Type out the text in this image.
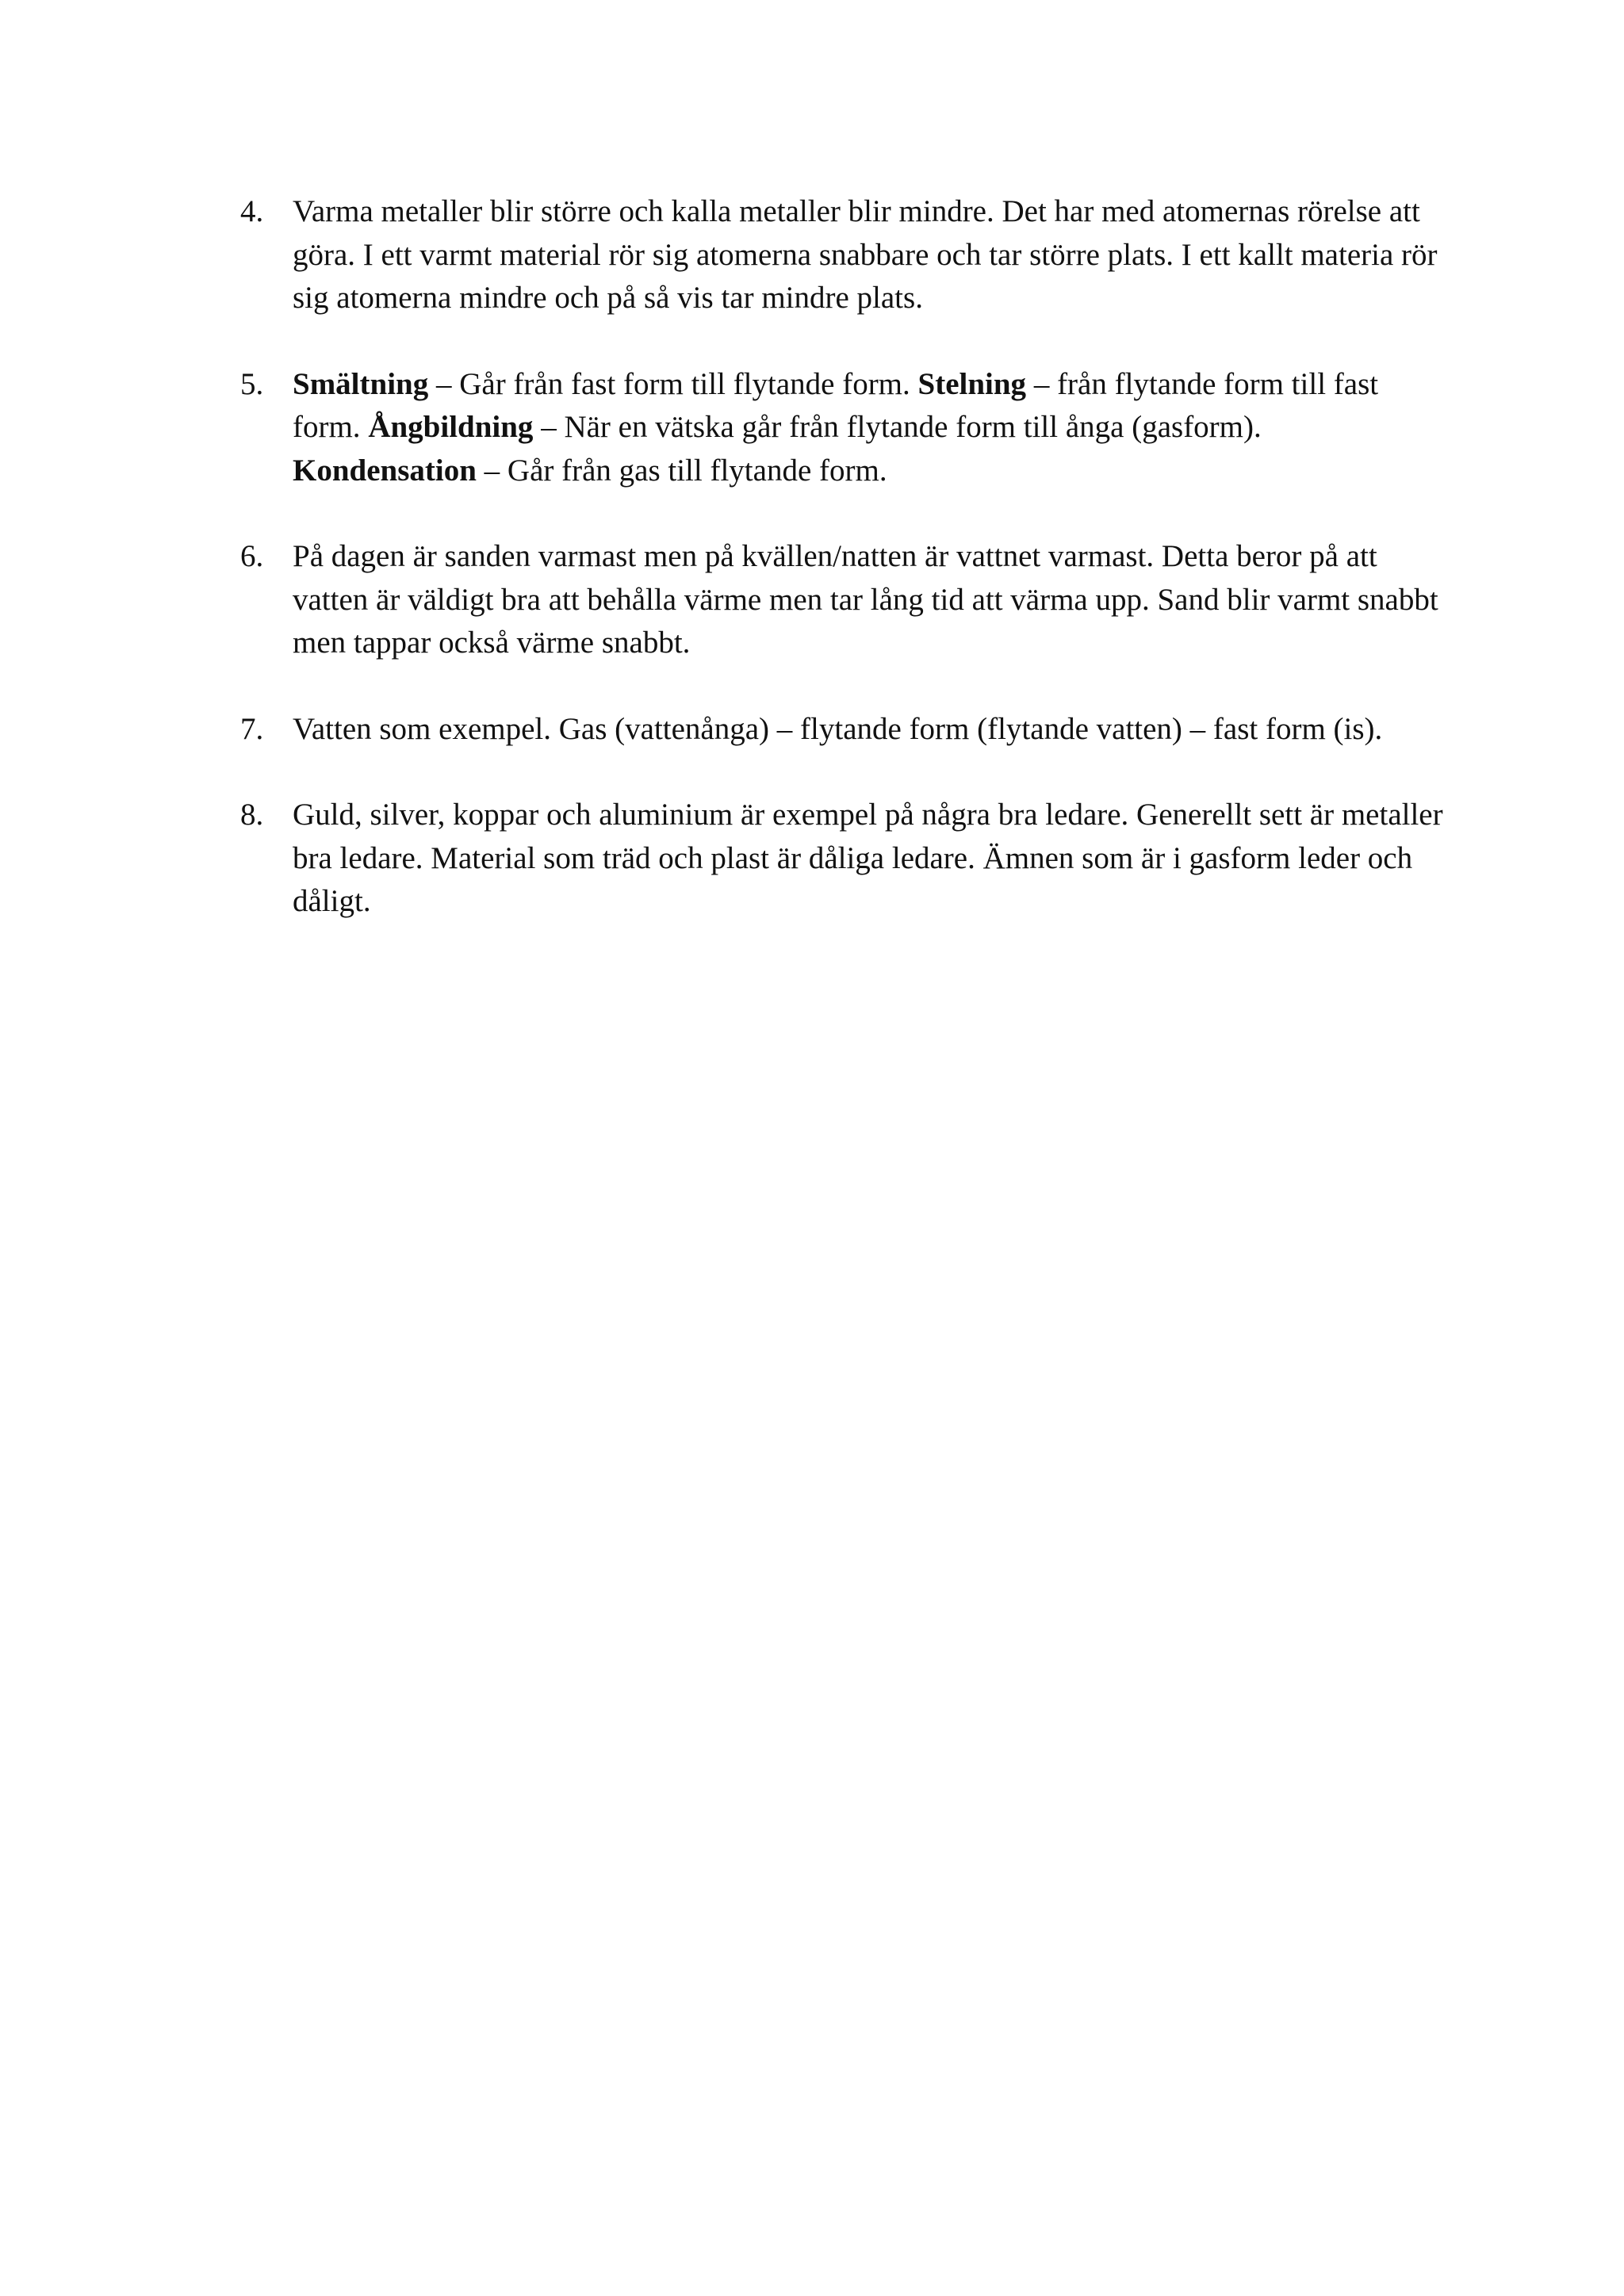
4. Varma metaller blir större och kalla metaller blir mindre. Det har med atomernas rörelse att göra. I ett varmt material rör sig atomerna snabbare och tar större plats. I ett kallt materia rör sig atomerna mindre och på så vis tar mindre plats.
5. Smältning – Går från fast form till flytande form. Stelning – från flytande form till fast form. Ångbildning – När en vätska går från flytande form till ånga (gasform). Kondensation – Går från gas till flytande form.
6. På dagen är sanden varmast men på kvällen/natten är vattnet varmast. Detta beror på att vatten är väldigt bra att behålla värme men tar lång tid att värma upp. Sand blir varmt snabbt men tappar också värme snabbt.
7. Vatten som exempel. Gas (vattenånga) – flytande form (flytande vatten) – fast form (is).
8. Guld, silver, koppar och aluminium är exempel på några bra ledare. Generellt sett är metaller bra ledare. Material som träd och plast är dåliga ledare. Ämnen som är i gasform leder och dåligt.
